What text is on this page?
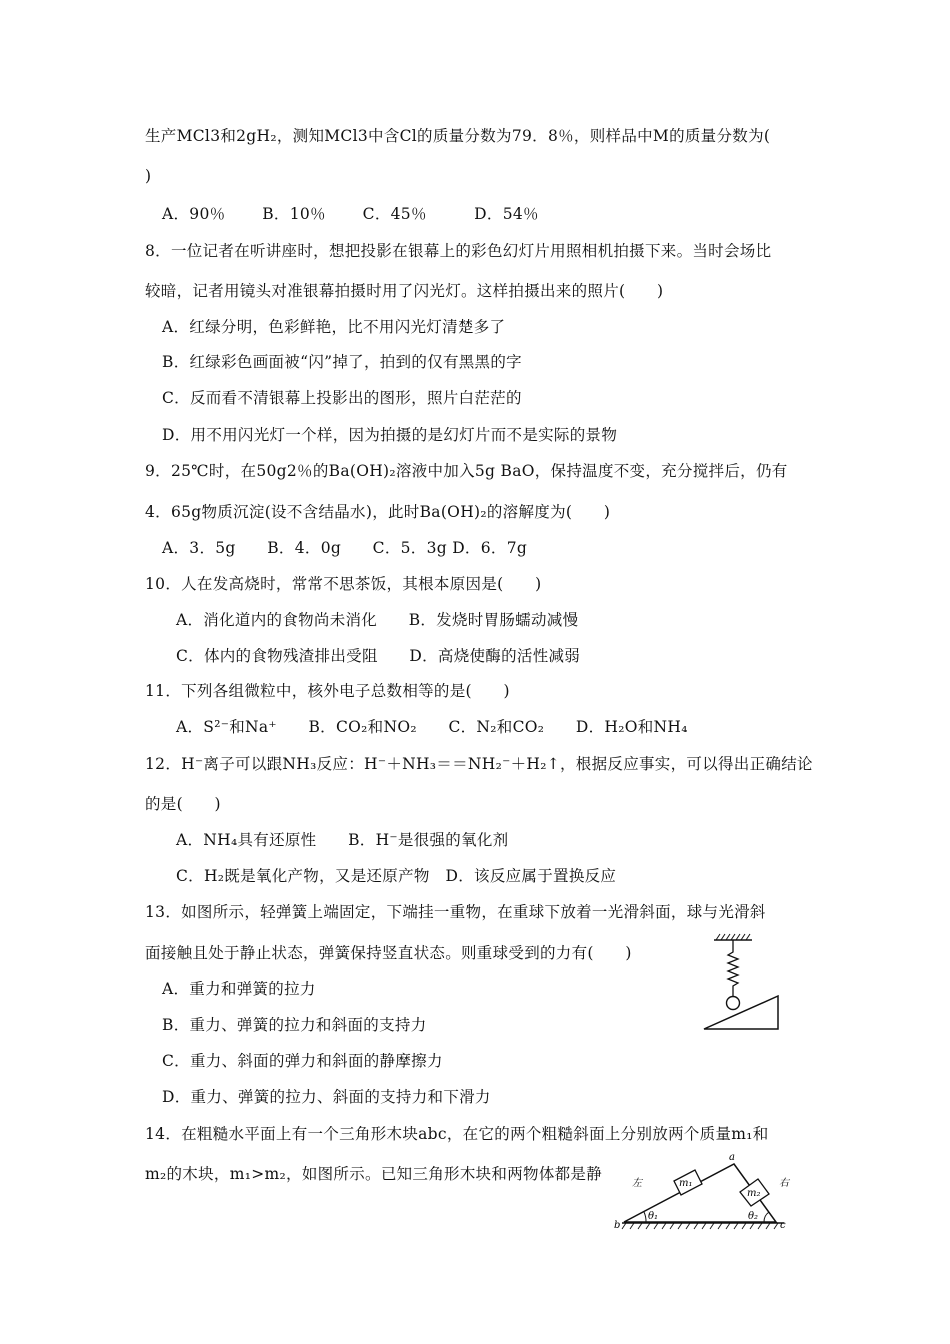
生产MCl3和2gH₂，测知MCl3中含Cl的质量分数为79．8％，则样品中M的质量分数为(
)
A．90％　　 B．10％　　 C．45％　　　D．54％
8．一位记者在听讲座时，想把投影在银幕上的彩色幻灯片用照相机拍摄下来。当时会场比
较暗，记者用镜头对准银幕拍摄时用了闪光灯。这样拍摄出来的照片(　　)
A．红绿分明，色彩鲜艳，比不用闪光灯清楚多了
B．红绿彩色画面被“闪”掉了，拍到的仅有黑黑的字
C．反而看不清银幕上投影出的图形，照片白茫茫的
D．用不用闪光灯一个样，因为拍摄的是幻灯片而不是实际的景物
9．25℃时，在50g2％的Ba(OH)₂溶液中加入5g BaO，保持温度不变，充分搅拌后，仍有
4．65g物质沉淀(设不含结晶水)，此时Ba(OH)₂的溶解度为(　　)
A．3．5g　　B．4．0g　　C．5．3g D．6．7g
10．人在发高烧时，常常不思茶饭，其根本原因是(　　)
A．消化道内的食物尚未消化　　B．发烧时胃肠蠕动减慢
C．体内的食物残渣排出受阻　　D．高烧使酶的活性减弱
11．下列各组微粒中，核外电子总数相等的是(　　)
A．S²⁻和Na⁺　　B．CO₂和NO₂　　C．N₂和CO₂　　D．H₂O和NH₄
12．H⁻离子可以跟NH₃反应：H⁻＋NH₃＝＝NH₂⁻＋H₂↑，根据反应事实，可以得出正确结论
的是(　　)
A．NH₄具有还原性　　B．H⁻是很强的氧化剂
C．H₂既是氧化产物，又是还原产物　D．该反应属于置换反应
13．如图所示，轻弹簧上端固定，下端挂一重物，在重球下放着一光滑斜面，球与光滑斜
面接触且处于静止状态，弹簧保持竖直状态。则重球受到的力有(　　)
A．重力和弹簧的拉力
B．重力、弹簧的拉力和斜面的支持力
C．重力、斜面的弹力和斜面的静摩擦力
D．重力、弹簧的拉力、斜面的支持力和下滑力
14．在粗糙水平面上有一个三角形木块abc，在它的两个粗糙斜面上分别放两个质量m₁和
m₂的木块，m₁>m₂，如图所示。已知三角形木块和两物体都是静
左	右
a
b	c
m₁
m₂
θ₁	θ₂
